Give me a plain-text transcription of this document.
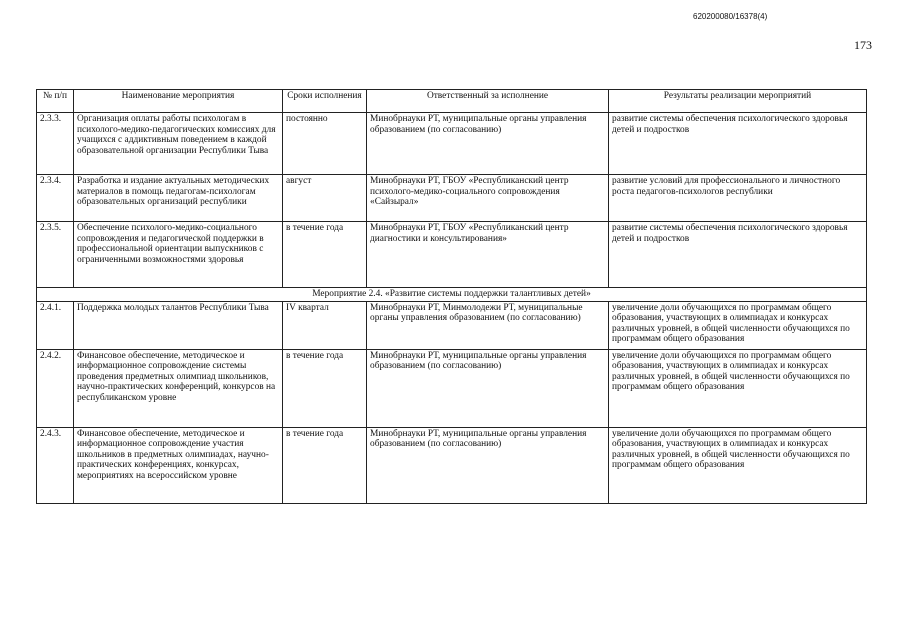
620200080/16378(4)
173
№ п/п	Наименование мероприятия	Сроки исполнения	Ответственный за исполнение	Результаты реализации мероприятий
2.3.3.	Организация оплаты работы психологам в психолого-медико-педагогических комиссиях для учащихся с аддиктивным поведением в каждой образовательной организации Республики Тыва	постоянно	Минобрнауки РТ, муниципальные органы управления образованием (по согласованию)	развитие системы обеспечения психологического здоровья детей и подростков
2.3.4.	Разработка и издание актуальных методических материалов в помощь педагогам-психологам образовательных организаций республики	август	Минобрнауки РТ, ГБОУ «Республиканский центр психолого-медико-социального сопровождения «Сайзырал»	развитие условий для профессионального и личностного роста педагогов-психологов республики
2.3.5.	Обеспечение психолого-медико-социального сопровождения и педагогической поддержки в профессиональной ориентации выпускников с ограниченными возможностями здоровья	в течение года	Минобрнауки РТ, ГБОУ «Республиканский центр диагностики и консультирования»	развитие системы обеспечения психологического здоровья детей и подростков
Мероприятие 2.4. «Развитие системы поддержки талантливых детей»				
2.4.1.	Поддержка молодых талантов Республики Тыва	IV квартал	Минобрнауки РТ, Минмолодежи РТ, муниципальные органы управления образованием (по согласованию)	увеличение доли обучающихся по программам общего образования, участвующих в олимпиадах и конкурсах различных уровней, в общей численности обучающихся по программам общего образования
2.4.2.	Финансовое обеспечение, методическое и информационное сопровождение системы проведения предметных олимпиад школьников, научно-практических конференций, конкурсов на республиканском уровне	в течение года	Минобрнауки РТ, муниципальные органы управления образованием (по согласованию)	увеличение доли обучающихся по программам общего образования, участвующих в олимпиадах и конкурсах различных уровней, в общей численности обучающихся по программам общего образования
2.4.3.	Финансовое обеспечение, методическое и информационное сопровождение участия школьников в предметных олимпиадах, научно-практических конференциях, конкурсах, мероприятиях на всероссийском уровне	в течение года	Минобрнауки РТ, муниципальные органы управления образованием (по согласованию)	увеличение доли обучающихся по программам общего образования, участвующих в олимпиадах и конкурсах различных уровней, в общей численности обучающихся по программам общего образования
